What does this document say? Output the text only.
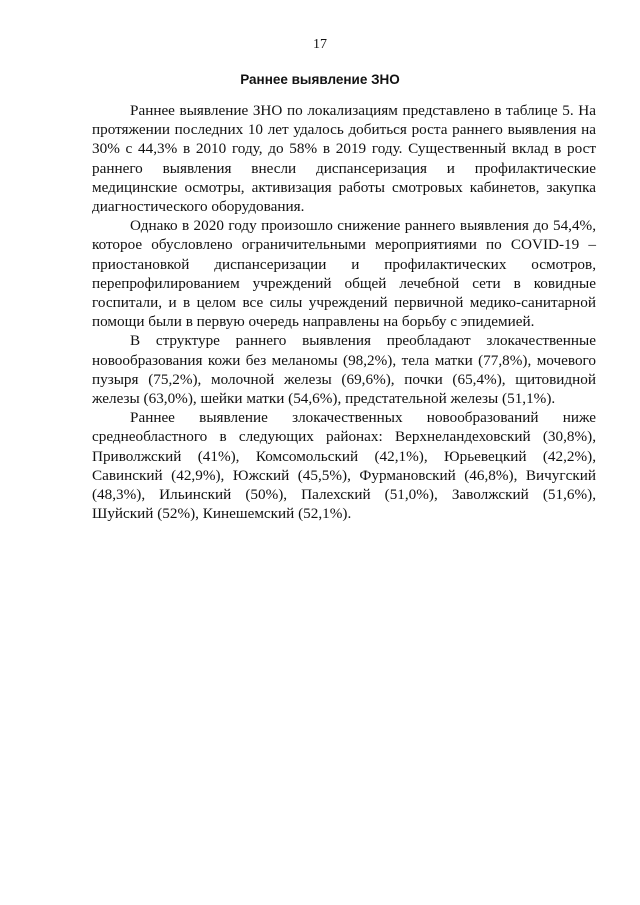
17
Раннее выявление ЗНО

Раннее выявление ЗНО по локализациям представлено в таблице 5. На протяжении последних 10 лет удалось добиться роста раннего выявления на 30% с 44,3% в 2010 году, до 58% в 2019 году. Существенный вклад в рост раннего выявления внесли диспансеризация и профилактические медицинские осмотры, активизация работы смотровых кабинетов, закупка диагностического оборудования.

Однако в 2020 году произошло снижение раннего выявления до 54,4%, которое обусловлено ограничительными мероприятиями по COVID-19 – приостановкой диспансеризации и профилактических осмотров, перепрофилированием учреждений общей лечебной сети в ковидные госпитали, и в целом все силы учреждений первичной медико-санитарной помощи были в первую очередь направлены на борьбу с эпидемией.

В структуре раннего выявления преобладают злокачественные новообразования кожи без меланомы (98,2%), тела матки (77,8%), мочевого пузыря (75,2%), молочной железы (69,6%), почки (65,4%), щитовидной железы (63,0%), шейки матки (54,6%), предстательной железы (51,1%).

Раннее выявление злокачественных новообразований ниже среднеобластного в следующих районах: Верхнеландеховский (30,8%), Приволжский (41%), Комсомольский (42,1%), Юрьевецкий (42,2%), Савинский (42,9%), Южский (45,5%), Фурмановский (46,8%), Вичугский (48,3%), Ильинский (50%), Палехский (51,0%), Заволжский (51,6%), Шуйский (52%), Кинешемский (52,1%).
